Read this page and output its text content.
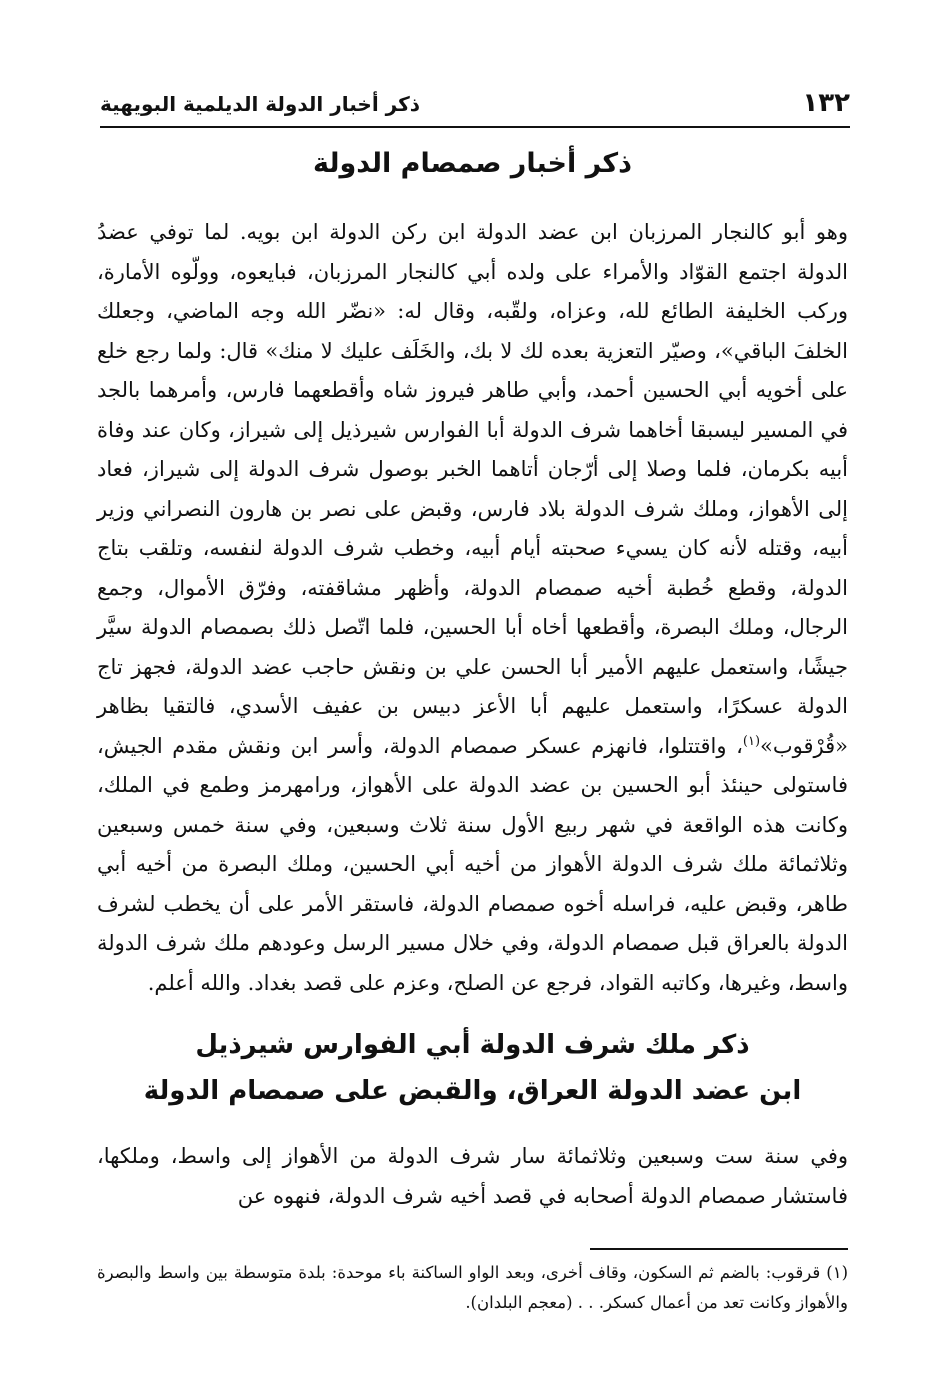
١٣٢
ذكر أخبار الدولة الديلمية البويهية
ذكر أخبار صمصام الدولة

وهو أبو كالنجار المرزبان ابن عضد الدولة ابن ركن الدولة ابن بويه. لما توفي عضدُ الدولة اجتمع القوّاد والأمراء على ولده أبي كالنجار المرزبان، فبايعوه، وولّوه الأمارة، وركب الخليفة الطائع لله، وعزاه، ولقّبه، وقال له: «نضّر الله وجه الماضي، وجعلك الخلفَ الباقي»، وصيّر التعزية بعده لك لا بك، والخَلَف عليك لا منك» قال: ولما رجع خلع على أخويه أبي الحسين أحمد، وأبي طاهر فيروز شاه وأقطعهما فارس، وأمرهما بالجد في المسير ليسبقا أخاهما شرف الدولة أبا الفوارس شيرذيل إلى شيراز، وكان عند وفاة أبيه بكرمان، فلما وصلا إلى أرّجان أتاهما الخبر بوصول شرف الدولة إلى شيراز، فعاد إلى الأهواز، وملك شرف الدولة بلاد فارس، وقبض على نصر بن هارون النصراني وزير أبيه، وقتله لأنه كان يسيء صحبته أيام أبيه، وخطب شرف الدولة لنفسه، وتلقب بتاج الدولة، وقطع خُطبة أخيه صمصام الدولة، وأظهر مشاقفته، وفرّق الأموال، وجمع الرجال، وملك البصرة، وأقطعها أخاه أبا الحسين، فلما اتّصل ذلك بصمصام الدولة سيَّر جيشًا، واستعمل عليهم الأمير أبا الحسن علي بن ونقش حاجب عضد الدولة، فجهز تاج الدولة عسكرًا، واستعمل عليهم أبا الأعز دبيس بن عفيف الأسدي، فالتقيا بظاهر «قُرْقوب»$^{(١)}$، واقتتلوا، فانهزم عسكر صمصام الدولة، وأسر ابن ونقش مقدم الجيش، فاستولى حينئذ أبو الحسين بن عضد الدولة على الأهواز، ورامهرمز وطمع في الملك، وكانت هذه الواقعة في شهر ربيع الأول سنة ثلاث وسبعين، وفي سنة خمس وسبعين وثلاثمائة ملك شرف الدولة الأهواز من أخيه أبي الحسين، وملك البصرة من أخيه أبي طاهر، وقبض عليه، فراسله أخوه صمصام الدولة، فاستقر الأمر على أن يخطب لشرف الدولة بالعراق قبل صمصام الدولة، وفي خلال مسير الرسل وعودهم ملك شرف الدولة واسط، وغيرها، وكاتبه القواد، فرجع عن الصلح، وعزم على قصد بغداد. والله أعلم.

ذكر ملك شرف الدولة أبي الفوارس شيرذيل
ابن عضد الدولة العراق، والقبض على صمصام الدولة

وفي سنة ست وسبعين وثلاثمائة سار شرف الدولة من الأهواز إلى واسط، وملكها، فاستشار صمصام الدولة أصحابه في قصد أخيه شرف الدولة، فنهوه عن

(١) قرقوب: بالضم ثم السكون، وقاف أخرى، وبعد الواو الساكنة باء موحدة: بلدة متوسطة بين واسط والبصرة والأهواز وكانت تعد من أعمال كسكر. . . (معجم البلدان).
